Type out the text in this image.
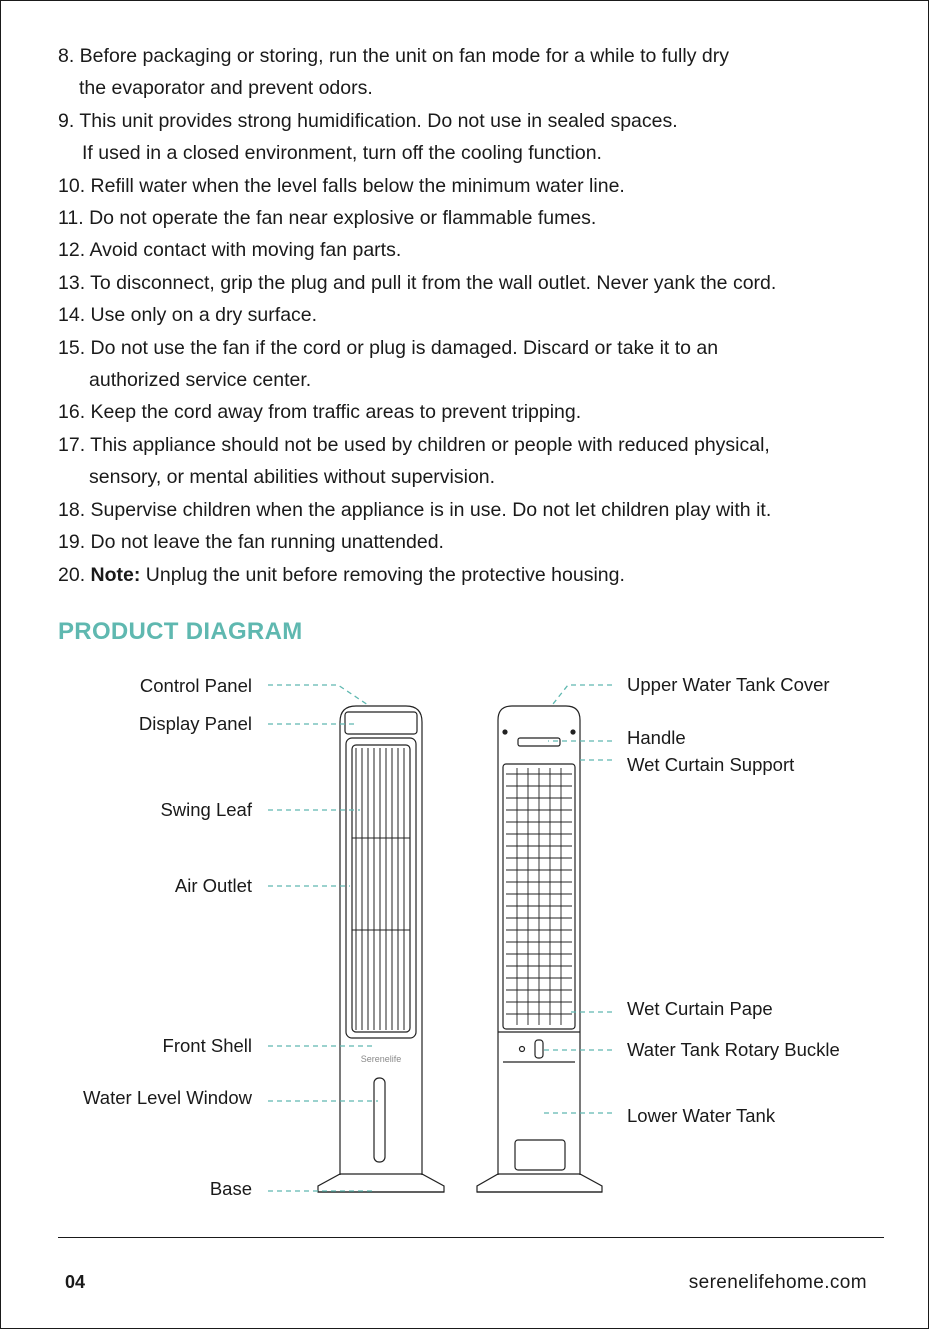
8. Before packaging or storing, run the unit on fan mode for a while to fully dry
the evaporator and prevent odors.
9. This unit provides strong humidification. Do not use in sealed spaces.
If used in a closed environment, turn off the cooling function.
10. Refill water when the level falls below the minimum water line.
11. Do not operate the fan near explosive or flammable fumes.
12. Avoid contact with moving fan parts.
13. To disconnect, grip the plug and pull it from the wall outlet. Never yank the cord.
14. Use only on a dry surface.
15. Do not use the fan if the cord or plug is damaged. Discard or take it to an
authorized service center.
16. Keep the cord away from traffic areas to prevent tripping.
17. This appliance should not be used by children or people with reduced physical,
sensory, or mental abilities without supervision.
18. Supervise children when the appliance is in use. Do not let children play with it.
19. Do not leave the fan running unattended.
20. Note: Unplug the unit before removing the protective housing.
PRODUCT DIAGRAM
Serenelife
Control Panel
Display Panel
Swing Leaf
Air Outlet
Front Shell
Water Level Window
Base
Upper Water Tank Cover
Handle
Wet Curtain Support
Wet Curtain Pape
Water Tank Rotary Buckle
Lower Water Tank
04	serenelifehome.com
